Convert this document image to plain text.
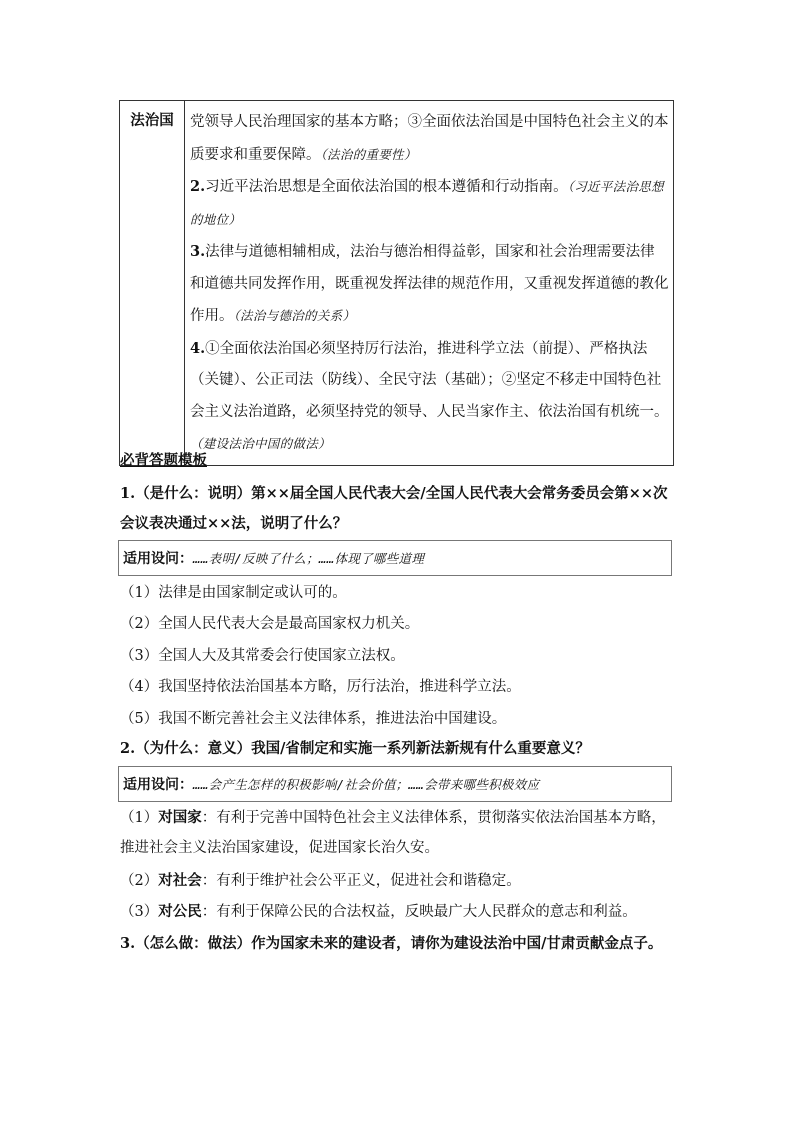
法治国	党领导人民治理国家的基本方略；③全面依法治国是中国特色社会主义的本质要求和重要保障。（法治的重要性）

2.习近平法治思想是全面依法治国的根本遵循和行动指南。（习近平法治思想的地位）

3.法律与道德相辅相成，法治与德治相得益彰，国家和社会治理需要法律和道德共同发挥作用，既重视发挥法律的规范作用，又重视发挥道德的教化作用。（法治与德治的关系）

4.①全面依法治国必须坚持厉行法治，推进科学立法（前提）、严格执法（关键）、公正司法（防线）、全民守法（基础）；②坚定不移走中国特色社会主义法治道路，必须坚持党的领导、人民当家作主、依法治国有机统一。（建设法治中国的做法）

必背答题模板

1.（是什么：说明）第××届全国人民代表大会/全国人民代表大会常务委员会第××次会议表决通过××法，说明了什么？

适用设问： ……表明/反映了什么；……体现了哪些道理

（1）法律是由国家制定或认可的。

（2）全国人民代表大会是最高国家权力机关。

（3）全国人大及其常委会行使国家立法权。

（4）我国坚持依法治国基本方略，厉行法治，推进科学立法。

（5）我国不断完善社会主义法律体系，推进法治中国建设。

2.（为什么：意义）我国/省制定和实施一系列新法新规有什么重要意义？

适用设问： ……会产生怎样的积极影响/社会价值；……会带来哪些积极效应

（1）对国家：有利于完善中国特色社会主义法律体系，贯彻落实依法治国基本方略，推进社会主义法治国家建设，促进国家长治久安。

（2）对社会：有利于维护社会公平正义，促进社会和谐稳定。

（3）对公民：有利于保障公民的合法权益，反映最广大人民群众的意志和利益。

3.（怎么做：做法）作为国家未来的建设者，请你为建设法治中国/甘肃贡献金点子。
